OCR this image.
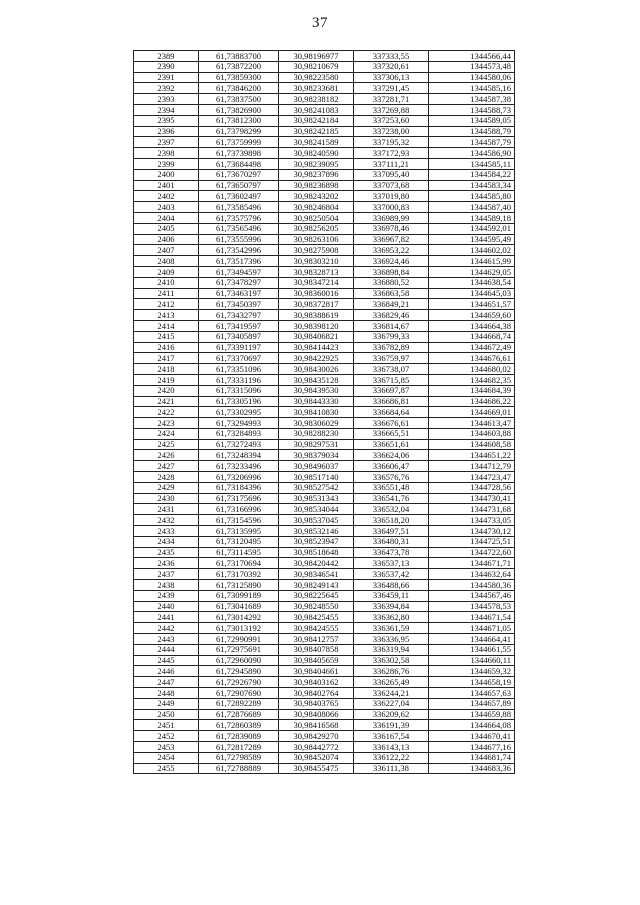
37
2389	61,73883700	30,98196977	337333,55	1344566,44
2390	61,73872200	30,98210679	337320,61	1344573,48
2391	61,73859300	30,98223580	337306,13	1344580,06
2392	61,73846200	30,98233681	337291,45	1344585,16
2393	61,73837500	30,98238182	337281,71	1344587,38
2394	61,73826900	30,98241083	337269,88	1344588,73
2395	61,73812300	30,98242184	337253,60	1344589,05
2396	61,73798299	30,98242185	337238,00	1344588,79
2397	61,73759999	30,98241589	337195,32	1344587,79
2398	61,73739898	30,98240590	337172,93	1344586,90
2399	61,73684498	30,98239095	337111,21	1344585,11
2400	61,73670297	30,98237896	337095,40	1344584,22
2401	61,73650797	30,98236898	337073,68	1344583,34
2402	61,73602497	30,98243202	337019,80	1344585,80
2403	61,73585496	30,98246804	337000,83	1344587,40
2404	61,73575796	30,98250504	336989,99	1344589,18
2405	61,73565496	30,98256205	336978,46	1344592,01
2406	61,73555996	30,98263106	336967,82	1344595,49
2407	61,73542996	30,98275908	336953,22	1344602,02
2408	61,73517396	30,98303210	336924,46	1344615,99
2409	61,73494597	30,98328713	336898,84	1344629,05
2410	61,73478297	30,98347214	336880,52	1344638,54
2411	61,73463197	30,98360016	336863,58	1344645,03
2412	61,73450397	30,98372817	336849,21	1344651,57
2413	61,73432797	30,98388619	336829,46	1344659,60
2414	61,73419597	30,98398120	336814,67	1344664,38
2415	61,73405897	30,98406821	336799,33	1344668,74
2416	61,73391197	30,98414423	336782,89	1344672,49
2417	61,73370697	30,98422925	336759,97	1344676,61
2418	61,73351096	30,98430026	336738,07	1344680,02
2419	61,73331196	30,98435128	336715,85	1344682,35
2420	61,73315096	30,98439530	336697,87	1344684,39
2421	61,73305196	30,98443330	336686,81	1344686,22
2422	61,73302995	30,98410830	336684,64	1344669,01
2423	61,73294993	30,98306029	336676,61	1344613,47
2424	61,73284893	30,98288230	336665,51	1344603,88
2425	61,73272493	30,98297531	336651,61	1344608,58
2426	61,73248394	30,98379034	336624,06	1344651,22
2427	61,73233496	30,98496037	336606,47	1344712,79
2428	61,73206996	30,98517140	336576,76	1344723,47
2429	61,73184396	30,98527542	336551,48	1344728,56
2430	61,73175696	30,98531343	336541,76	1344730,41
2431	61,73166996	30,98534044	336532,04	1344731,68
2432	61,73154596	30,98537045	336518,20	1344733,05
2433	61,73135995	30,98532146	336497,51	1344730,12
2434	61,73120495	30,98523947	336480,31	1344725,51
2435	61,73114595	30,98518648	336473,78	1344722,60
2436	61,73170694	30,98420442	336537,13	1344671,71
2437	61,73170392	30,98346541	336537,42	1344632,64
2438	61,73125890	30,98249143	336488,66	1344580,36
2439	61,73099189	30,98225645	336459,11	1344567,46
2440	61,73041689	30,98248550	336394,84	1344578,53
2441	61,73014292	30,98425455	336362,80	1344671,54
2442	61,73013192	30,98424555	336361,59	1344671,05
2443	61,72990991	30,98412757	336336,95	1344664,41
2444	61,72975691	30,98407858	336319,94	1344661,55
2445	61,72960090	30,98405659	336302,58	1344660,11
2446	61,72945890	30,98404661	336286,76	1344659,32
2447	61,72926790	30,98403162	336265,49	1344658,19
2448	61,72907690	30,98402764	336244,21	1344657,63
2449	61,72892289	30,98403765	336227,04	1344657,89
2450	61,72876689	30,98408066	336209,62	1344659,88
2451	61,72860389	30,98416568	336191,39	1344664,08
2452	61,72839089	30,98429270	336167,54	1344670,41
2453	61,72817289	30,98442772	336143,13	1344677,16
2454	61,72798589	30,98452074	336122,22	1344681,74
2455	61,72788889	30,98455475	336111,38	1344683,36
